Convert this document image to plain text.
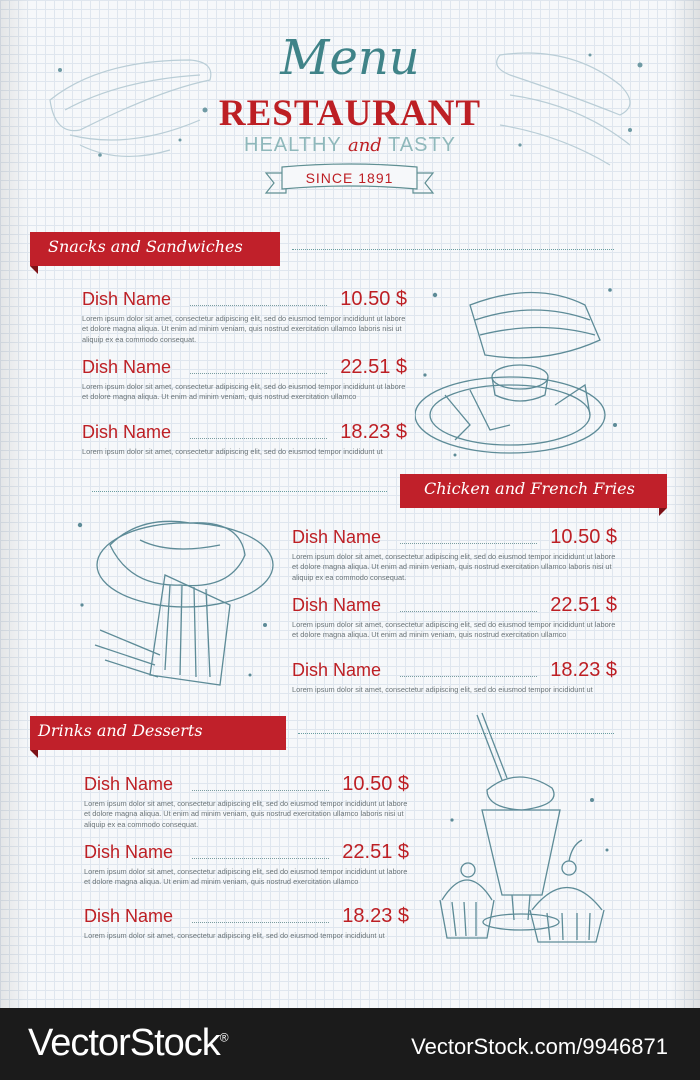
Menu
RESTAURANT
HEALTHY and TASTY
SINCE 1891
Snacks and Sandwiches
Dish Name	10.50 $
Lorem ipsum dolor sit amet, consectetur adipiscing elit, sed do eiusmod tempor incididunt ut labore et dolore magna aliqua. Ut enim ad minim veniam, quis nostrud exercitation ullamco laboris nisi ut aliquip ex ea commodo consequat.
Dish Name	22.51 $
Lorem ipsum dolor sit amet, consectetur adipiscing elit, sed do eiusmod tempor incididunt ut labore et dolore magna aliqua. Ut enim ad minim veniam, quis nostrud exercitation ullamco
Dish Name	18.23 $
Lorem ipsum dolor sit amet, consectetur adipiscing elit, sed do eiusmod tempor incididunt ut
Chicken and French Fries
Dish Name	10.50 $
Lorem ipsum dolor sit amet, consectetur adipiscing elit, sed do eiusmod tempor incididunt ut labore et dolore magna aliqua. Ut enim ad minim veniam, quis nostrud exercitation ullamco laboris nisi ut aliquip ex ea commodo consequat.
Dish Name	22.51 $
Lorem ipsum dolor sit amet, consectetur adipiscing elit, sed do eiusmod tempor incididunt ut labore et dolore magna aliqua. Ut enim ad minim veniam, quis nostrud exercitation ullamco
Dish Name	18.23 $
Lorem ipsum dolor sit amet, consectetur adipiscing elit, sed do eiusmod tempor incididunt ut
Drinks and Desserts
Dish Name	10.50 $
Lorem ipsum dolor sit amet, consectetur adipiscing elit, sed do eiusmod tempor incididunt ut labore et dolore magna aliqua. Ut enim ad minim veniam, quis nostrud exercitation ullamco laboris nisi ut aliquip ex ea commodo consequat.
Dish Name	22.51 $
Lorem ipsum dolor sit amet, consectetur adipiscing elit, sed do eiusmod tempor incididunt ut labore et dolore magna aliqua. Ut enim ad minim veniam, quis nostrud exercitation ullamco
Dish Name	18.23 $
Lorem ipsum dolor sit amet, consectetur adipiscing elit, sed do eiusmod tempor incididunt ut
VectorStock®	VectorStock.com/9946871
